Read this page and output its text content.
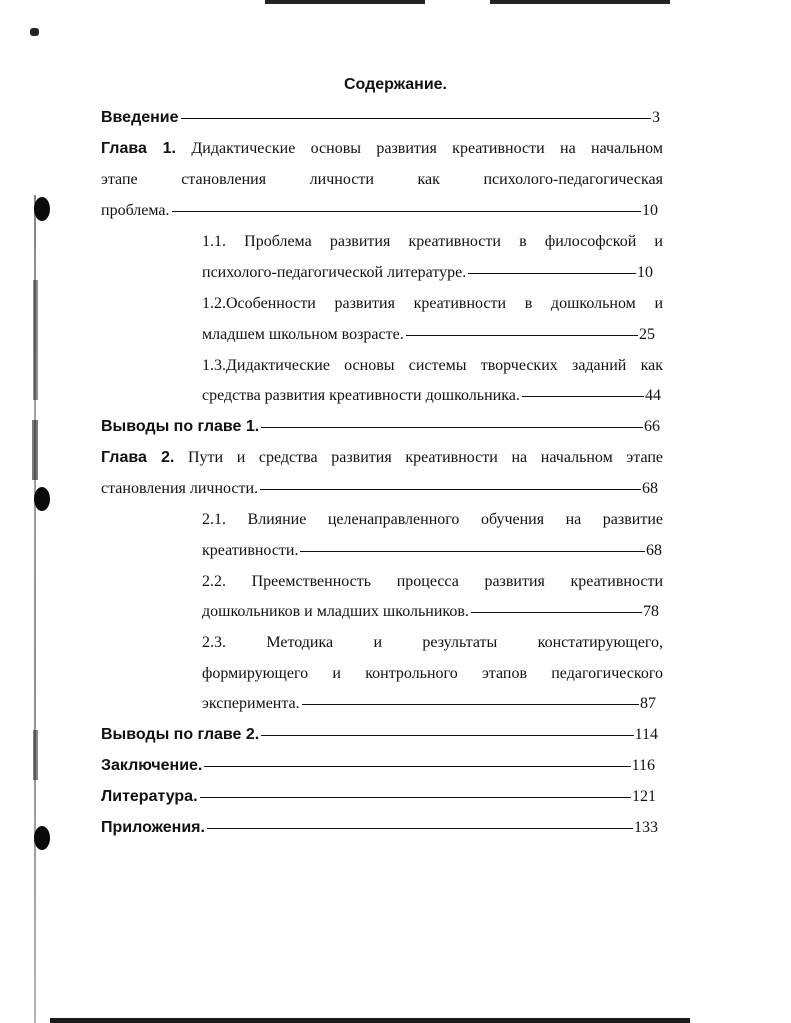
Содержание.
Введение	3
Глава 1. Дидактические основы развития креативности на начальном
этапе становления личности как психолого-педагогическая
проблема.	10
1.1. Проблема развития креативности в философской и
психолого-педагогической литературе.	10
1.2.Особенности развития креативности в дошкольном и
младшем школьном возрасте.	25
1.3.Дидактические основы системы творческих заданий как
средства развития креативности дошкольника.	44
Выводы по главе 1.	66
Глава 2. Пути и средства развития креативности на начальном этапе
становления личности.	68
2.1. Влияние целенаправленного обучения на развитие
креативности.	68
2.2. Преемственность процесса развития креативности
дошкольников и младших школьников.	78
2.3. Методика и результаты констатирующего,
формирующего и контрольного этапов педагогического
эксперимента.	87
Выводы по главе 2.	114
Заключение.	116
Литература.	121
Приложения.	133
